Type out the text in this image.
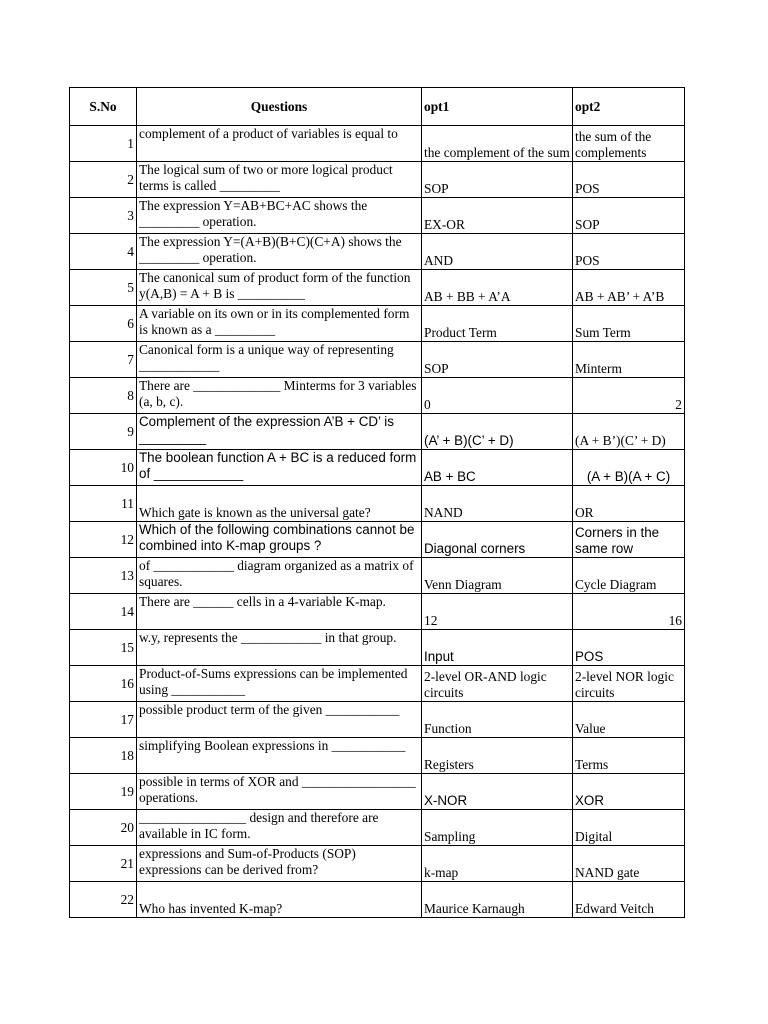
S.No	Questions	opt1	opt2
1	complement of a product of variables is equal to	the complement of the sum	the sum of the complements
2	The logical sum of two or more logical product terms is called _________	SOP	POS
3	The expression Y=AB+BC+AC shows the _________ operation.	EX-OR	SOP
4	The expression Y=(A+B)(B+C)(C+A) shows the _________ operation.	AND	POS
5	The canonical sum of product form of the function y(A,B) = A + B is __________	AB + BB + A’A	AB + AB’ + A’B
6	A variable on its own or in its complemented form is known as a _________	Product Term	Sum Term
7	Canonical form is a unique way of representing ____________	SOP	Minterm
8	There are _____________ Minterms for 3 variables (a, b, c).	0	2
9	Complement of the expression A’B + CD’ is _________	(A’ + B)(C’ + D)	(A + B’)(C’ + D)
10	The boolean function A + BC is a reduced form of ____________	AB + BC	(A + B)(A + C)
11	Which gate is known as the universal gate?	NAND	OR
12	Which of the following combinations cannot be combined into K-map groups ?	Diagonal corners	Corners in the same row
13	of ____________ diagram organized as a matrix of squares.	Venn Diagram	Cycle Diagram
14	There are ______ cells in a 4-variable K-map.	12	16
15	w.y, represents the ____________ in that group.	Input	POS
16	Product-of-Sums expressions can be implemented using ___________	2-level OR-AND logic circuits	2-level NOR logic circuits
17	possible product term of the given ___________	Function	Value
18	simplifying Boolean expressions in ___________	Registers	Terms
19	possible in terms of XOR and _________________ operations.	X-NOR	XOR
20	________________ design and therefore are available in IC form.	Sampling	Digital
21	expressions and Sum-of-Products (SOP) expressions can be derived from?	k-map	NAND gate
22	Who has invented K-map?	Maurice Karnaugh	Edward Veitch
